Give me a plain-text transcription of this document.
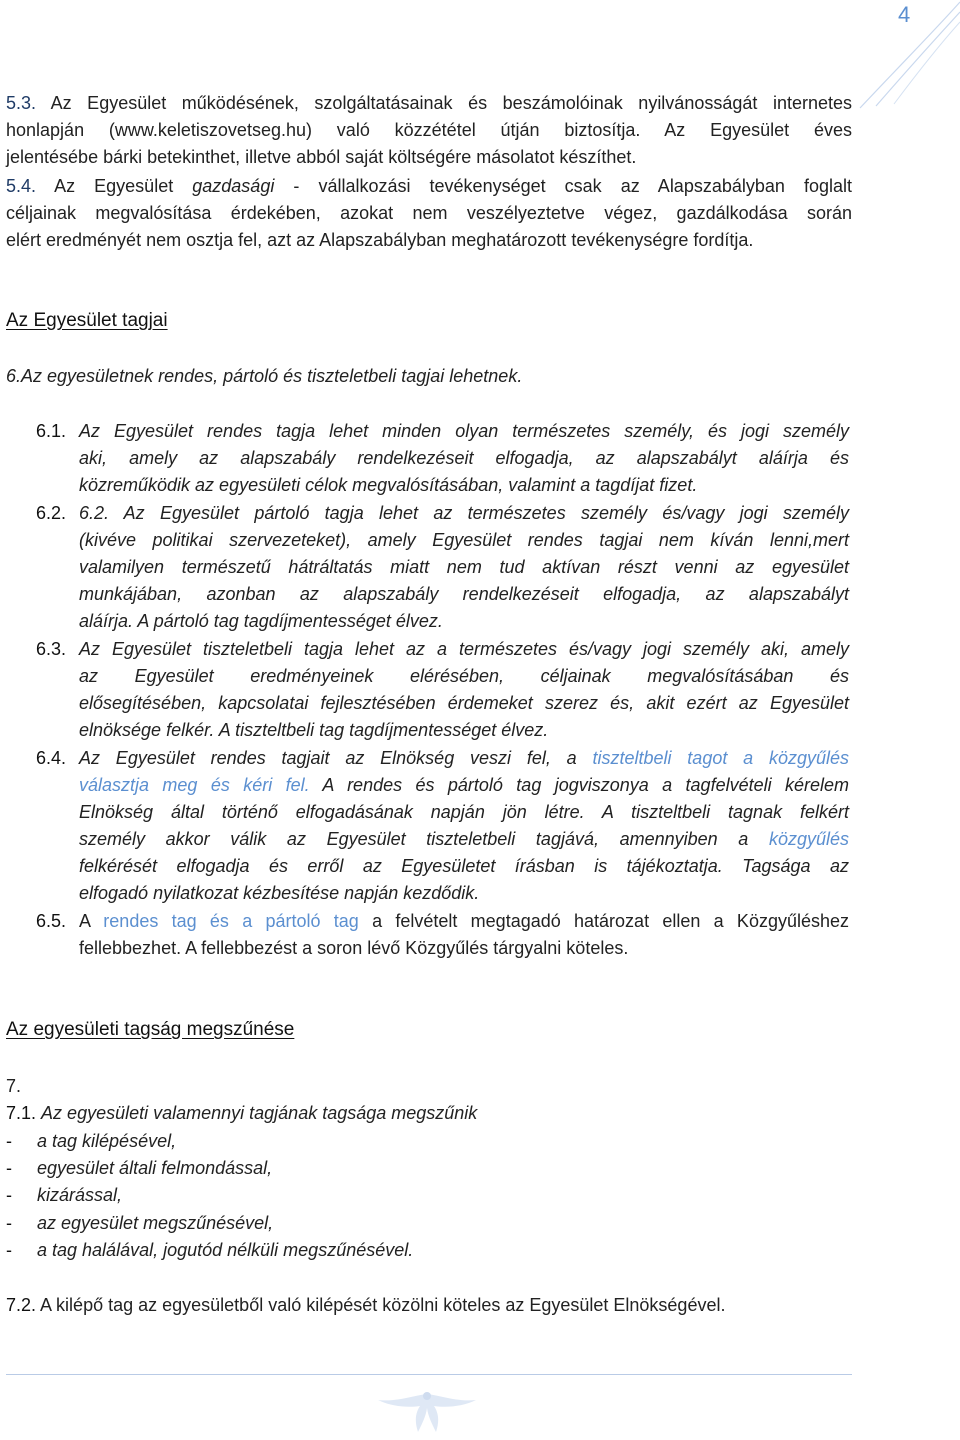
4
5.3. Az Egyesület működésének, szolgáltatásainak és beszámolóinak nyilvánosságát internetes
honlapján (www.keletiszovetseg.hu) való közzététel útján biztosítja. Az Egyesület éves
jelentésébe bárki betekinthet, illetve abból saját költségére másolatot készíthet.
5.4. Az Egyesület gazdasági - vállalkozási tevékenységet csak az Alapszabályban foglalt
céljainak megvalósítása érdekében, azokat nem veszélyeztetve végez, gazdálkodása során
elért eredményét nem osztja fel, azt az Alapszabályban meghatározott tevékenységre fordítja.
Az Egyesület tagjai
6.Az egyesületnek rendes, pártoló és tiszteletbeli tagjai lehetnek.
6.1. Az Egyesület rendes tagja lehet minden olyan természetes személy, és jogi személy
aki, amely az alapszabály rendelkezéseit elfogadja, az alapszabályt aláírja és
közreműködik az egyesületi célok megvalósításában, valamint a tagdíjat fizet.
6.2. 6.2. Az Egyesület pártoló tagja lehet az természetes személy és/vagy jogi személy
(kivéve politikai szervezeteket), amely Egyesület rendes tagjai nem kíván lenni,mert
valamilyen természetű hátráltatás miatt nem tud aktívan részt venni az egyesület
munkájában, azonban az alapszabály rendelkezéseit elfogadja, az alapszabályt
aláírja. A pártoló tag tagdíjmentességet élvez.
6.3. Az Egyesület tiszteletbeli tagja lehet az a természetes és/vagy jogi személy aki, amely
az Egyesület eredményeinek elérésében, céljainak megvalósításában és
elősegítésében, kapcsolatai fejlesztésében érdemeket szerez és, akit ezért az Egyesület
elnöksége felkér. A tiszteltbeli tag tagdíjmentességet élvez.
6.4. Az Egyesület rendes tagjait az Elnökség veszi fel, a tiszteltbeli tagot a közgyűlés
választja meg és kéri fel. A rendes és pártoló tag jogviszonya a tagfelvételi kérelem
Elnökség által történő elfogadásának napján jön létre. A tiszteltbeli tagnak felkért
személy akkor válik az Egyesület tiszteletbeli tagjává, amennyiben a közgyűlés
felkérését elfogadja és erről az Egyesületet írásban is tájékoztatja. Tagsága az
elfogadó nyilatkozat kézbesítése napján kezdődik.
6.5. A rendes tag és a pártoló tag a felvételt megtagadó határozat ellen a Közgyűléshez
fellebbezhet. A fellebbezést a soron lévő Közgyűlés tárgyalni köteles.
Az egyesületi tagság megszűnése
7.
7.1. Az egyesületi valamennyi tagjának tagsága megszűnik
- a tag kilépésével,
- egyesület általi felmondással,
- kizárással,
- az egyesület megszűnésével,
- a tag halálával, jogutód nélküli megszűnésével.
7.2. A kilépő tag az egyesületből való kilépését közölni köteles az Egyesület Elnökségével.
